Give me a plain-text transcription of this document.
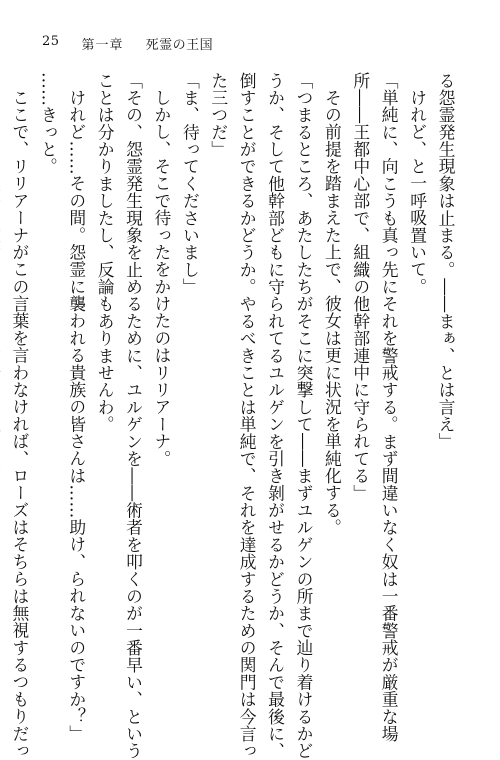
25 第一章 死霊の王国
る怨霊発生現象は止まる。――まぁ、とは言え」
けれど、と一呼吸置いて。
「単純に、向こうも真っ先にそれを警戒する。まず間違いなく奴は一番警戒が厳重な場
所――王都中心部で、組織の他幹部連中に守られてる」
その前提を踏まえた上で、彼女は更に状況を単純化する。
「つまるところ、あたしたちがそこに突撃して――まずユルゲンの所まで辿り着けるかど
うか、そして他幹部どもに守られてるユルゲンを引き剝がせるかどうか、そんで最後に、
倒すことができるかどうか。やるべきことは単純で、それを達成するための関門は今言っ
た三つだ」
「ま、待ってくださいまし」
しかし、そこで待ったをかけたのはリリアーナ。
「その、怨霊発生現象を止めるために、ユルゲンを――術者を叩くのが一番早い、という
ことは分かりましたし、反論もありませんわ。
けれど……その間。怨霊に襲われる貴族の皆さんは……助け、られないのですか？」
……きっと。
ここで、リリアーナがこの言葉を言わなければ、ローズはそちらは無視するつもりだっ
